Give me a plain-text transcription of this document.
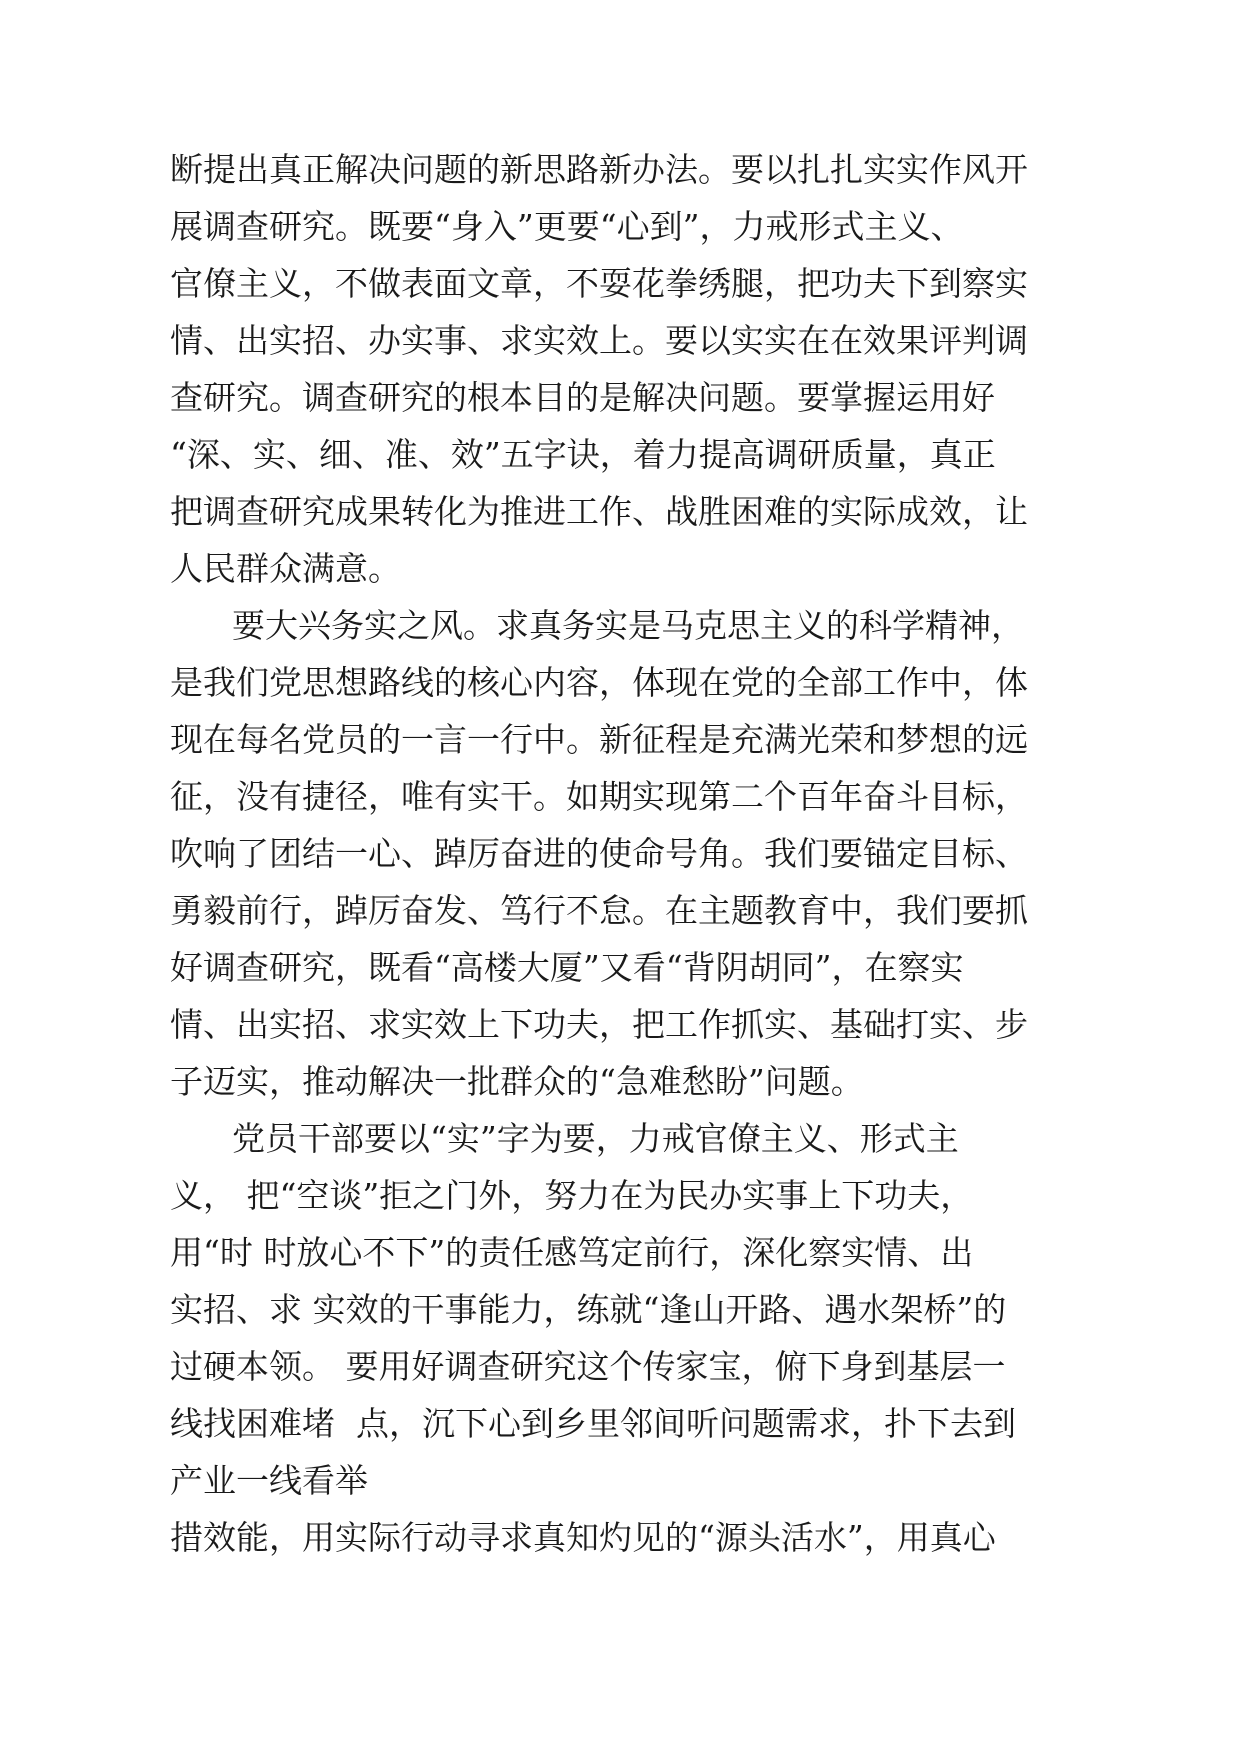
断提出真正解决问题的新思路新办法。要以扎扎实实作风开

展调查研究。既要“身入”更要“心到”，力戒形式主义、

官僚主义，不做表面文章，不耍花拳绣腿，把功夫下到察实

情、出实招、办实事、求实效上。要以实实在在效果评判调

查研究。调查研究的根本目的是解决问题。要掌握运用好

“深、实、细、准、效”五字诀，着力提高调研质量，真正

把调查研究成果转化为推进工作、战胜困难的实际成效，让

人民群众满意。

要大兴务实之风。求真务实是马克思主义的科学精神，

是我们党思想路线的核心内容，体现在党的全部工作中，体

现在每名党员的一言一行中。新征程是充满光荣和梦想的远

征，没有捷径，唯有实干。如期实现第二个百年奋斗目标，

吹响了团结一心、踔厉奋进的使命号角。我们要锚定目标、

勇毅前行，踔厉奋发、笃行不怠。在主题教育中，我们要抓

好调查研究，既看“高楼大厦”又看“背阴胡同”，在察实

情、出实招、求实效上下功夫，把工作抓实、基础打实、步

子迈实，推动解决一批群众的“急难愁盼”问题。

党员干部要以“实”字为要，力戒官僚主义、形式主

义， 把“空谈”拒之门外，努力在为民办实事上下功夫，

用“时 时放心不下”的责任感笃定前行，深化察实情、出

实招、求 实效的干事能力，练就“逢山开路、遇水架桥”的

过硬本领。 要用好调查研究这个传家宝，俯下身到基层一

线找困难堵  点，沉下心到乡里邻间听问题需求，扑下去到

产业一线看举

措效能，用实际行动寻求真知灼见的“源头活水”，用真心
